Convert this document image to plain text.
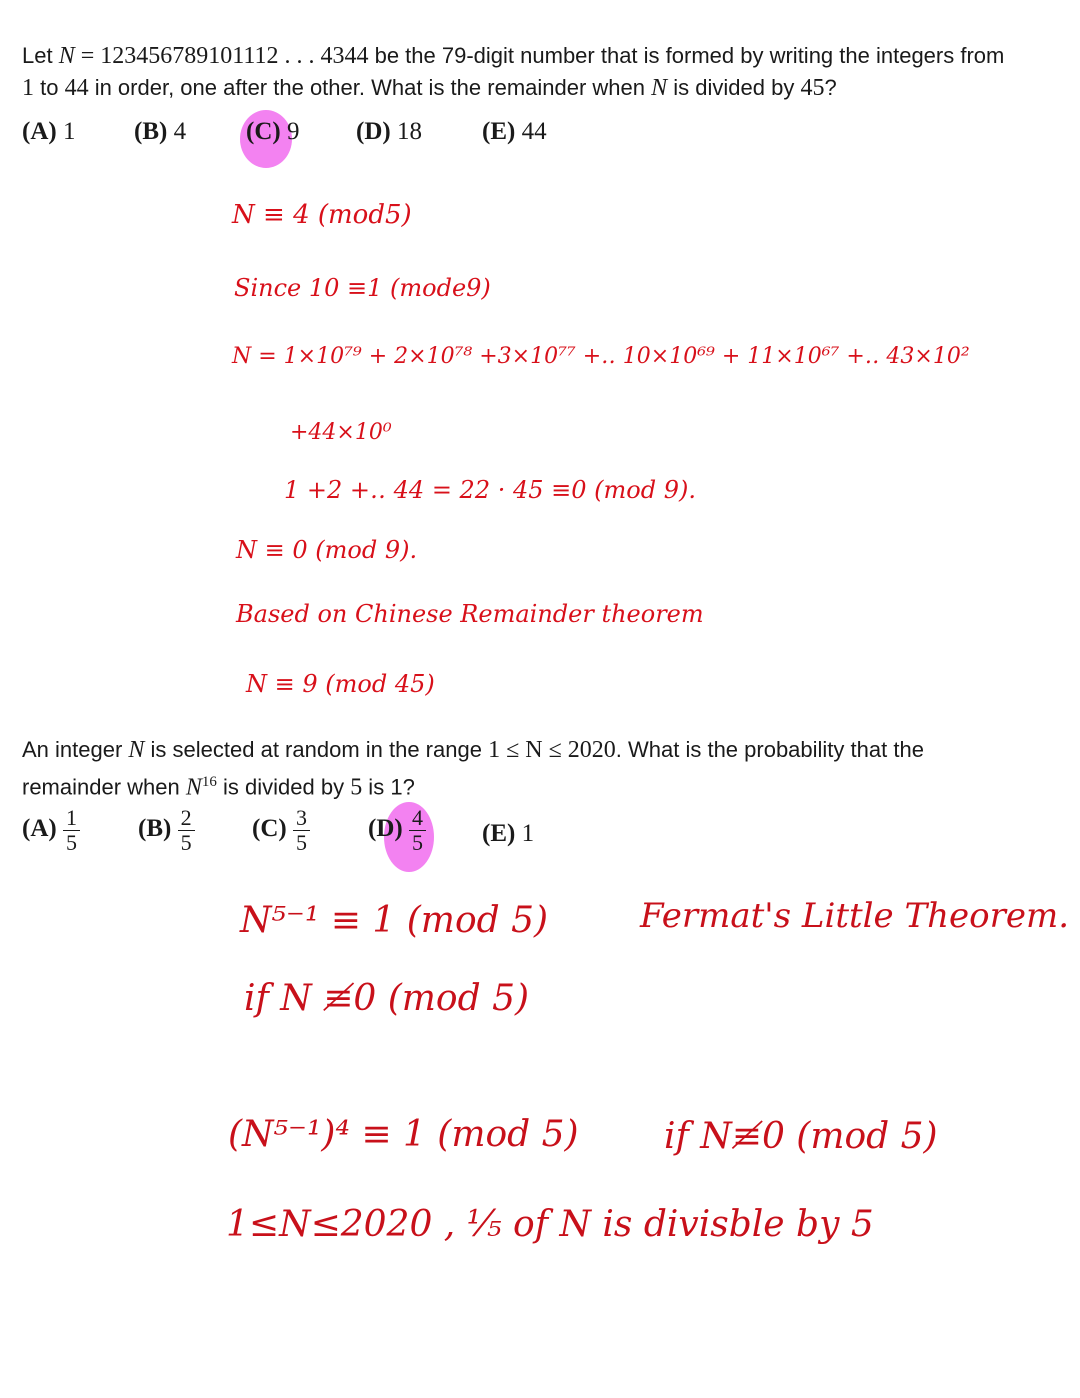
Let N = 123456789101112 . . . 4344 be the 79-digit number that is formed by writing the integers from
1 to 44 in order, one after the other. What is the remainder when N is divided by 45?
(A) 1 (B) 4 (C) 9 (D) 18 (E) 44
N ≡ 4 (mod5)
Since 10 ≡1 (mode9)
N = 1×10⁷⁹ + 2×10⁷⁸ +3×10⁷⁷ +‥ 10×10⁶⁹ + 11×10⁶⁷ +‥ 43×10²
+44×10⁰
1 +2 +‥ 44 = 22 · 45 ≡0 (mod 9).
N ≡ 0 (mod 9).
Based on Chinese Remainder theorem
N ≡ 9 (mod 45)
An integer N is selected at random in the range 1 ≤ N ≤ 2020. What is the probability that the
remainder when $N^{16}$ is divided by 5 is 1?
$(A) \frac{1}{5} (B) \frac{2}{5} (C) \frac{3}{5} (D) \frac{4}{5} (E)$ 1
N⁵⁻¹ ≡ 1 (mod 5)	Fermat's Little Theorem.
if N ≢0 (mod 5)
(N⁵⁻¹)⁴ ≡ 1 (mod 5) if N≢0 (mod 5)
1≤N≤2020 , ⅕ of N is divisble by 5
